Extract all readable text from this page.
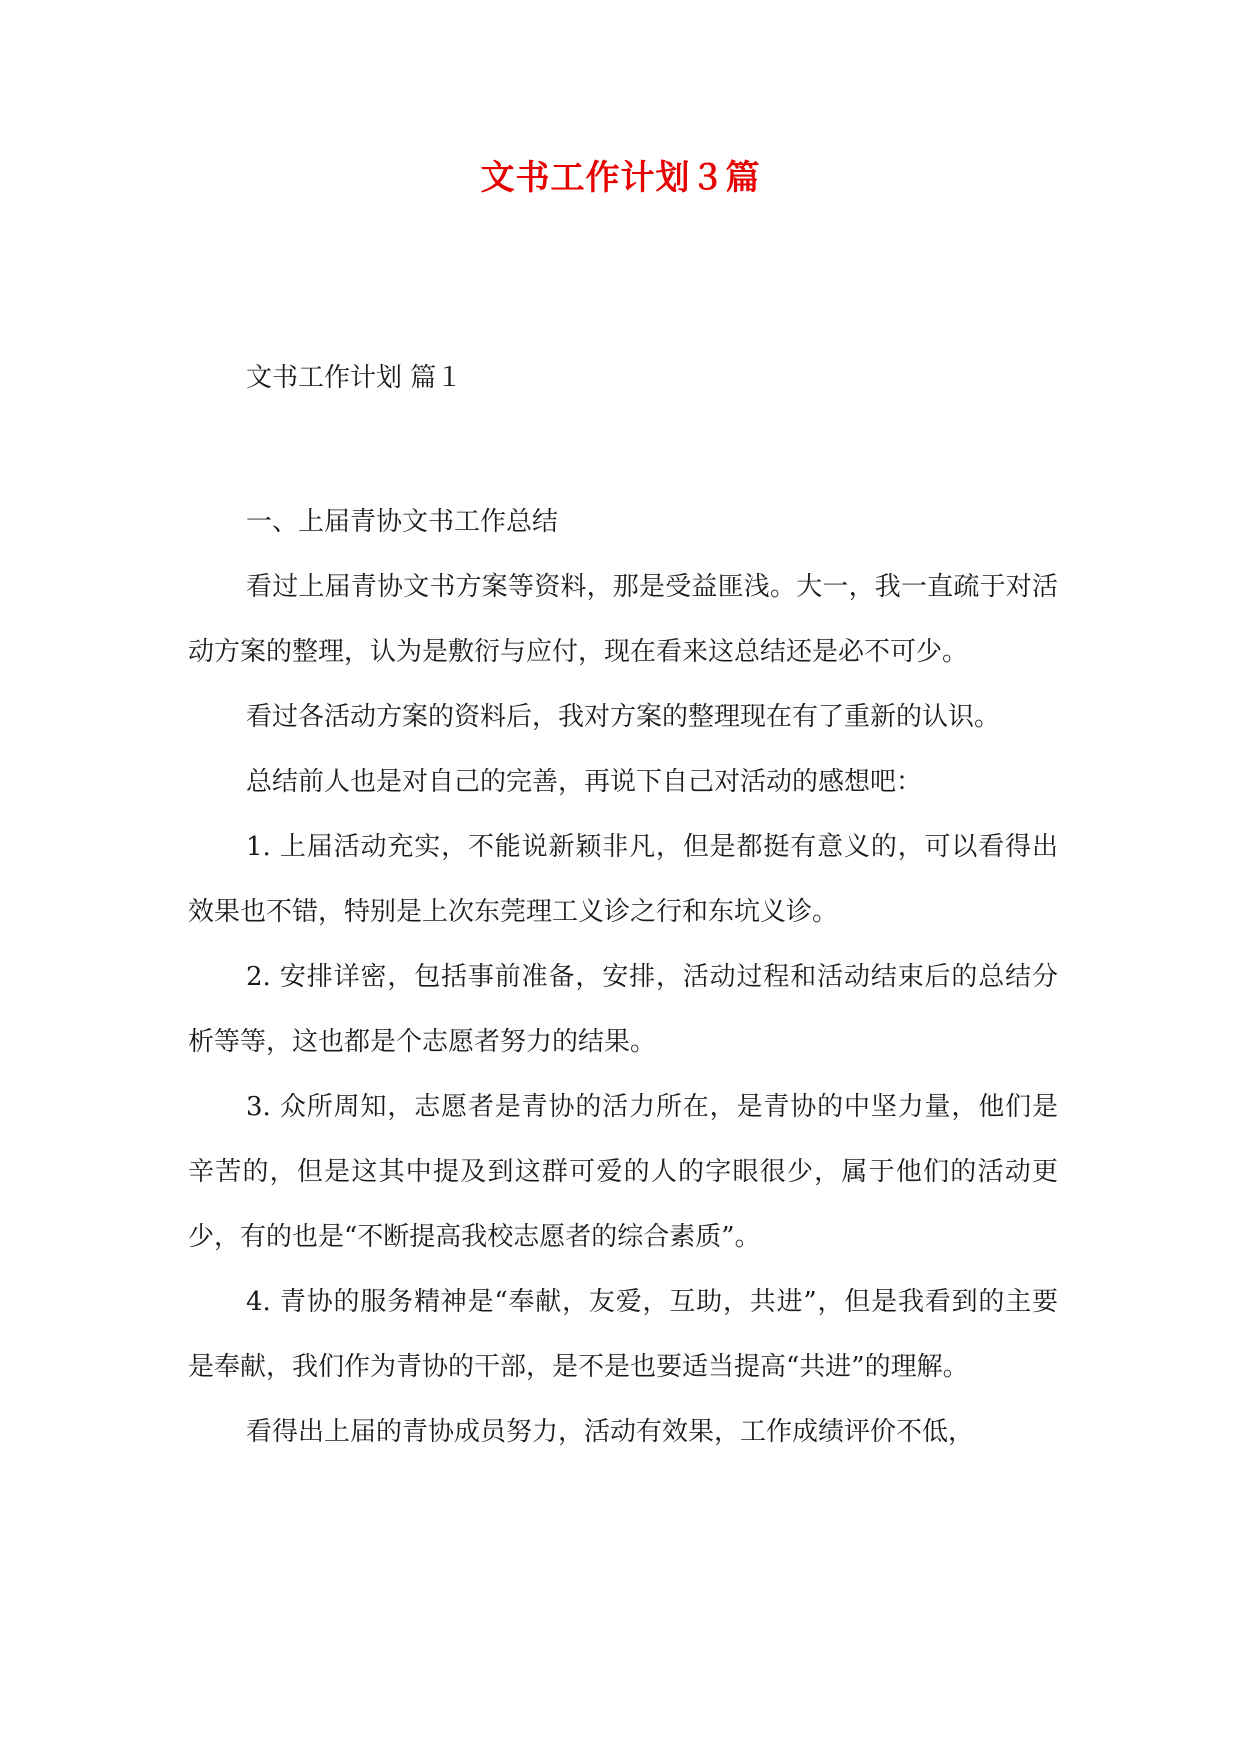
文书工作计划３篇
文书工作计划 篇１

一、上届青协文书工作总结

看过上届青协文书方案等资料，那是受益匪浅。大一，我一直疏于对活动方案的整理，认为是敷衍与应付，现在看来这总结还是必不可少。

看过各活动方案的资料后，我对方案的整理现在有了重新的认识。

总结前人也是对自己的完善，再说下自己对活动的感想吧：

1. 上届活动充实，不能说新颖非凡，但是都挺有意义的，可以看得出效果也不错，特别是上次东莞理工义诊之行和东坑义诊。

2. 安排详密，包括事前准备，安排，活动过程和活动结束后的总结分析等等，这也都是个志愿者努力的结果。

3. 众所周知，志愿者是青协的活力所在，是青协的中坚力量，他们是辛苦的，但是这其中提及到这群可爱的人的字眼很少，属于他们的活动更少，有的也是“不断提高我校志愿者的综合素质”。

4. 青协的服务精神是“奉献，友爱，互助，共进”，但是我看到的主要是奉献，我们作为青协的干部，是不是也要适当提高“共进”的理解。

看得出上届的青协成员努力，活动有效果，工作成绩评价不低，
